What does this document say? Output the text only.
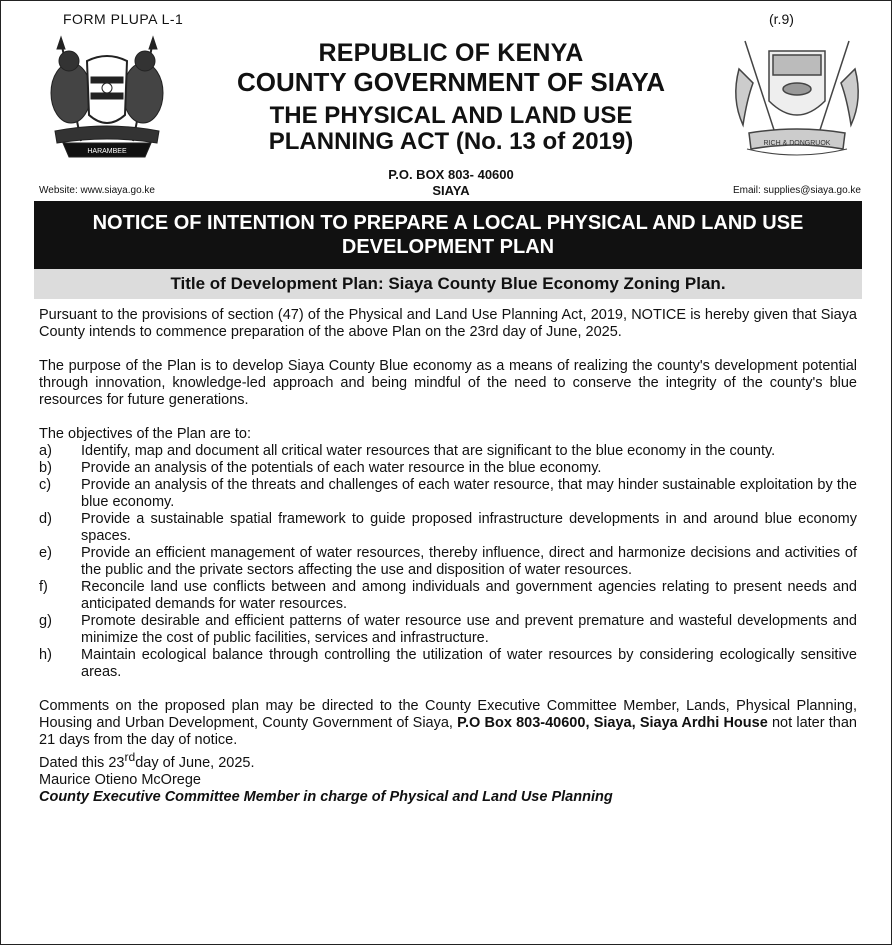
FORM PLUPA L-1	(r.9)
HARAMBEE
RICH & DONGRUOK
REPUBLIC OF KENYA
COUNTY GOVERNMENT OF SIAYA
THE PHYSICAL AND LAND USE
PLANNING ACT (No. 13 of 2019)
P.O. BOX 803- 40600
SIAYA
Website: www.siaya.go.ke	Email: supplies@siaya.go.ke
NOTICE OF INTENTION TO PREPARE A LOCAL PHYSICAL AND LAND USE
DEVELOPMENT PLAN
Title of Development Plan: Siaya County Blue Economy Zoning Plan.

Pursuant to the provisions of section (47) of the Physical and Land Use Planning Act, 2019, NOTICE is hereby given that Siaya County intends to commence preparation of the above Plan on the 23rd day of June, 2025.

The purpose of the Plan is to develop Siaya County Blue economy as a means of realizing the county's development potential through innovation, knowledge-led approach and being mindful of the need to conserve the integrity of the county's blue resources for future generations.

The objectives of the Plan are to:

a)	Identify, map and document all critical water resources that are significant to the blue economy in the county.
b)	Provide an analysis of the potentials of each water resource in the blue economy.
c)	Provide an analysis of the threats and challenges of each water resource, that may hinder sustainable exploitation by the blue economy.
d)	Provide a sustainable spatial framework to guide proposed infrastructure developments in and around blue economy spaces.
e)	Provide an efficient management of water resources, thereby influence, direct and harmonize decisions and activities of the public and the private sectors affecting the use and disposition of water resources.
f)	Reconcile land use conflicts between and among individuals and government agencies relating to present needs and anticipated demands for water resources.
g)	Promote desirable and efficient patterns of water resource use and prevent premature and wasteful developments and minimize the cost of public facilities, services and infrastructure.
h)	Maintain ecological balance through controlling the utilization of water resources by considering ecologically sensitive areas.

Comments on the proposed plan may be directed to the County Executive Committee Member, Lands, Physical Planning, Housing and Urban Development, County Government of Siaya, P.O Box 803-40600, Siaya, Siaya Ardhi House not later than 21 days from the day of notice.

Dated this 23rdday of June, 2025.

Maurice Otieno McOrege

County Executive Committee Member in charge of Physical and Land Use Planning
